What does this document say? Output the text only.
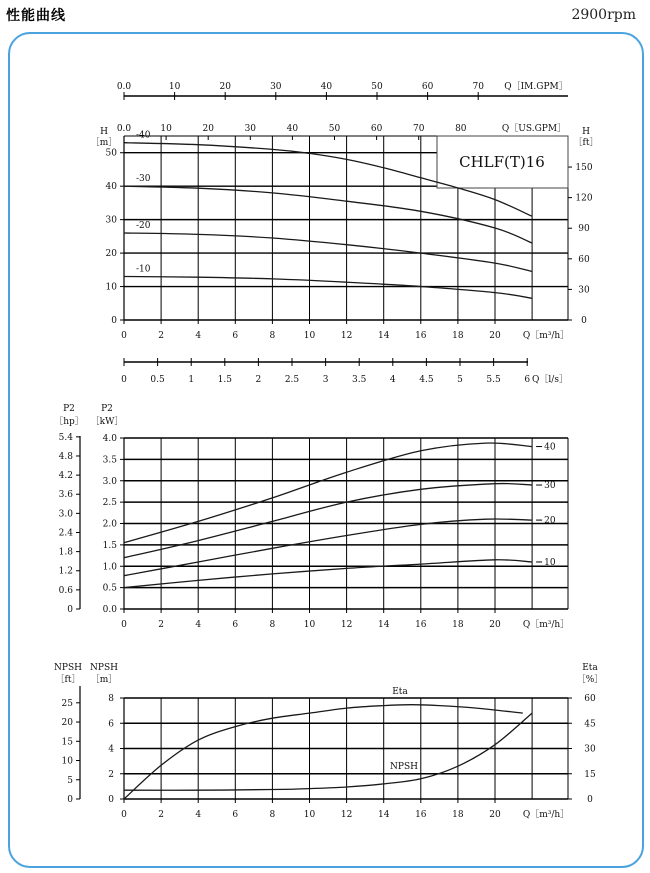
性能曲线	2900rpm
0.0	10	20	30	40	50	60	70 Q［IM.GPM］
0
10
20
30
40
50
0.0	10	20	30	40	50	60	70	80	Q［US.GPM］
0
30
60
90
120
150
H
［m］
H
［ft］
0	2	4	6	8	10	12	14	16	18	20 Q［m³/h］
CHLF(T)16
-10
-20
-30
-40
0	0.5	1	1.5	2	2.5	3	3.5	4	4.5	5	5.5	6 Q［l/s］
0.0
0.5
1.0
1.5
2.0
2.5
3.0
3.5
4.0
0
0.6
1.2
1.8
2.4
3.0
3.6
4.2
4.8
5.4
P2
［kW］
P2
［hp］
0	2	4	6	8	10	12	14	16	18	20 Q［m³/h］
10
20
30
40
0
2
4
6
8
0
5
10
15
20
25
0
15
30
45
60
NPSH
［m］
NPSH
［ft］
Eta
［%］
0	2	4	6	8	10	12	14	16	18	20 Q［m³/h］
Eta
NPSH
